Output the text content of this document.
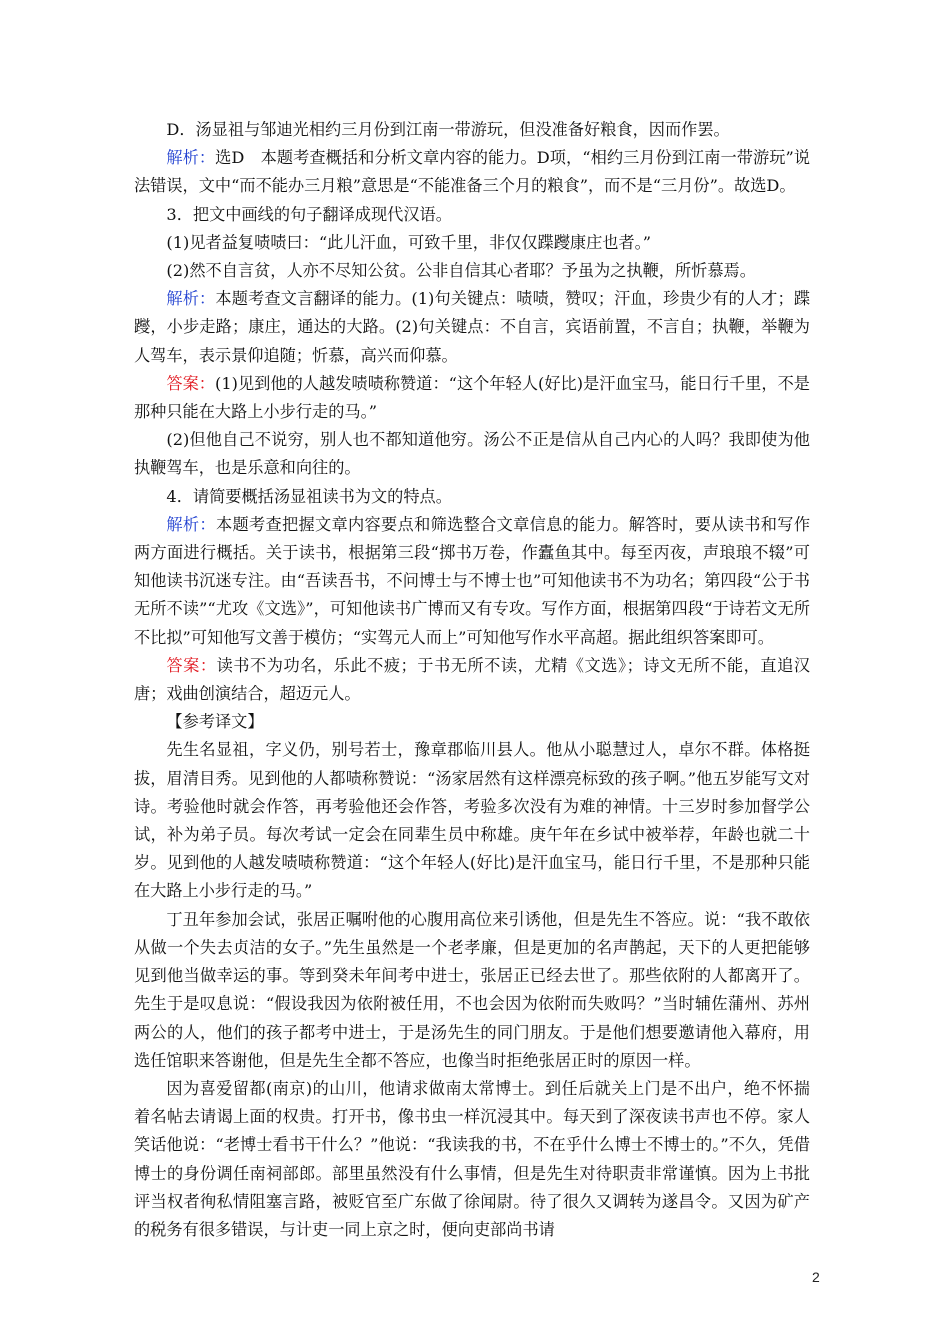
D．汤显祖与邹迪光相约三月份到江南一带游玩，但没准备好粮食，因而作罢。

解析：选D　本题考查概括和分析文章内容的能力。D项，“相约三月份到江南一带游玩”说法错误，文中“而不能办三月粮”意思是“不能准备三个月的粮食”，而不是“三月份”。故选D。

3．把文中画线的句子翻译成现代汉语。

(1)见者益复啧啧曰：“此儿汗血，可致千里，非仅仅蹀躞康庄也者。”

(2)然不自言贫，人亦不尽知公贫。公非自信其心者耶？予虽为之执鞭，所忻慕焉。

解析：本题考查文言翻译的能力。(1)句关键点：啧啧，赞叹；汗血，珍贵少有的人才；蹀躞，小步走路；康庄，通达的大路。(2)句关键点：不自言，宾语前置，不言自；执鞭，举鞭为人驾车，表示景仰追随；忻慕，高兴而仰慕。

答案：(1)见到他的人越发啧啧称赞道：“这个年轻人(好比)是汗血宝马，能日行千里，不是那种只能在大路上小步行走的马。”

(2)但他自己不说穷，别人也不都知道他穷。汤公不正是信从自己内心的人吗？我即使为他执鞭驾车，也是乐意和向往的。

4．请简要概括汤显祖读书为文的特点。

解析：本题考查把握文章内容要点和筛选整合文章信息的能力。解答时，要从读书和写作两方面进行概括。关于读书，根据第三段“掷书万卷，作蠹鱼其中。每至丙夜，声琅琅不辍”可知他读书沉迷专注。由“吾读吾书，不问博士与不博士也”可知他读书不为功名；第四段“公于书无所不读”“尤攻《文选》”，可知他读书广博而又有专攻。写作方面，根据第四段“于诗若文无所不比拟”可知他写文善于模仿；“实驾元人而上”可知他写作水平高超。据此组织答案即可。

答案：读书不为功名，乐此不疲；于书无所不读，尤精《文选》；诗文无所不能，直追汉唐；戏曲创演结合，超迈元人。

【参考译文】

先生名显祖，字义仍，别号若士，豫章郡临川县人。他从小聪慧过人，卓尔不群。体格挺拔，眉清目秀。见到他的人都啧称赞说：“汤家居然有这样漂亮标致的孩子啊。”他五岁能写文对诗。考验他时就会作答，再考验他还会作答，考验多次没有为难的神情。十三岁时参加督学公试，补为弟子员。每次考试一定会在同辈生员中称雄。庚午年在乡试中被举荐，年龄也就二十岁。见到他的人越发啧啧称赞道：“这个年轻人(好比)是汗血宝马，能日行千里，不是那种只能在大路上小步行走的马。”

丁丑年参加会试，张居正嘱咐他的心腹用高位来引诱他，但是先生不答应。说：“我不敢依从做一个失去贞洁的女子。”先生虽然是一个老孝廉，但是更加的名声鹊起，天下的人更把能够见到他当做幸运的事。等到癸未年间考中进士，张居正已经去世了。那些依附的人都离开了。先生于是叹息说：“假设我因为依附被任用，不也会因为依附而失败吗？”当时辅佐蒲州、苏州两公的人，他们的孩子都考中进士，于是汤先生的同门朋友。于是他们想要邀请他入幕府，用选任馆职来答谢他，但是先生全都不答应，也像当时拒绝张居正时的原因一样。

因为喜爱留都(南京)的山川，他请求做南太常博士。到任后就关上门是不出户，绝不怀揣着名帖去请谒上面的权贵。打开书，像书虫一样沉浸其中。每天到了深夜读书声也不停。家人笑话他说：“老博士看书干什么？”他说：“我读我的书，不在乎什么博士不博士的。”不久，凭借博士的身份调任南祠部郎。部里虽然没有什么事情，但是先生对待职责非常谨慎。因为上书批评当权者徇私情阻塞言路，被贬官至广东做了徐闻尉。待了很久又调转为遂昌令。又因为矿产的税务有很多错误，与计吏一同上京之时，便向吏部尚书请

2
